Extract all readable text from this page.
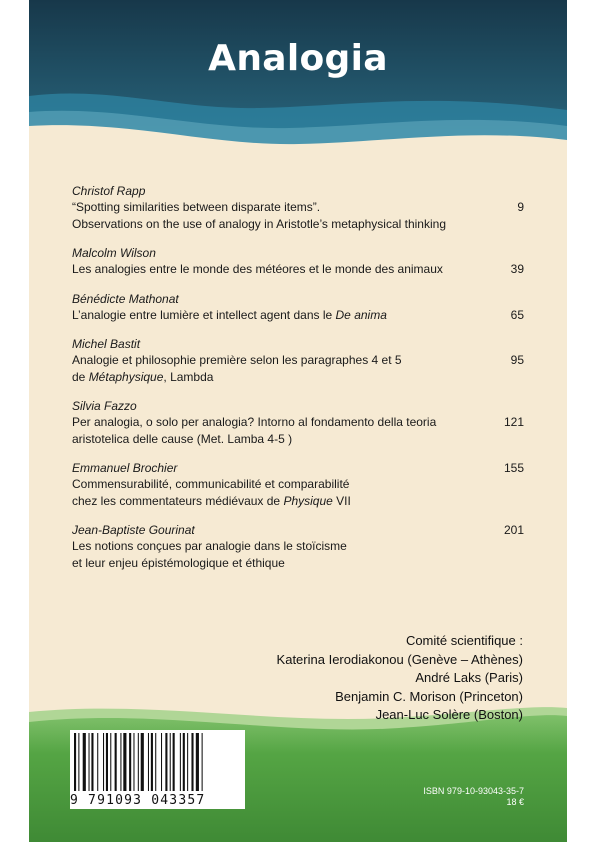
Analogia
Christof Rapp
9
“Spotting similarities between disparate items”.
Observations on the use of analogy in Aristotle’s metaphysical thinking
Malcolm Wilson
39
Les analogies entre le monde des météores et le monde des animaux
Bénédicte Mathonat
65
L’analogie entre lumière et intellect agent dans le De anima
Michel Bastit
95
Analogie et philosophie première selon les paragraphes 4 et 5
de Métaphysique, Lambda
Silvia Fazzo
121
Per analogia, o solo per analogia? Intorno al fondamento della teoria
aristotelica delle cause (Met. Lamba 4-5 )
155
Emmanuel Brochier
Commensurabilité, communicabilité et comparabilité
chez les commentateurs médiévaux de Physique VII
201
Jean-Baptiste Gourinat
Les notions conçues par analogie dans le stoïcisme
et leur enjeu épistémologique et éthique
Comité scientifique :
Katerina Ierodiakonou (Genève – Athènes)
André Laks (Paris)
Benjamin C. Morison (Princeton)
Jean-Luc Solère (Boston)
9 791093 043357
ISBN 979-10-93043-35-7
18 €
